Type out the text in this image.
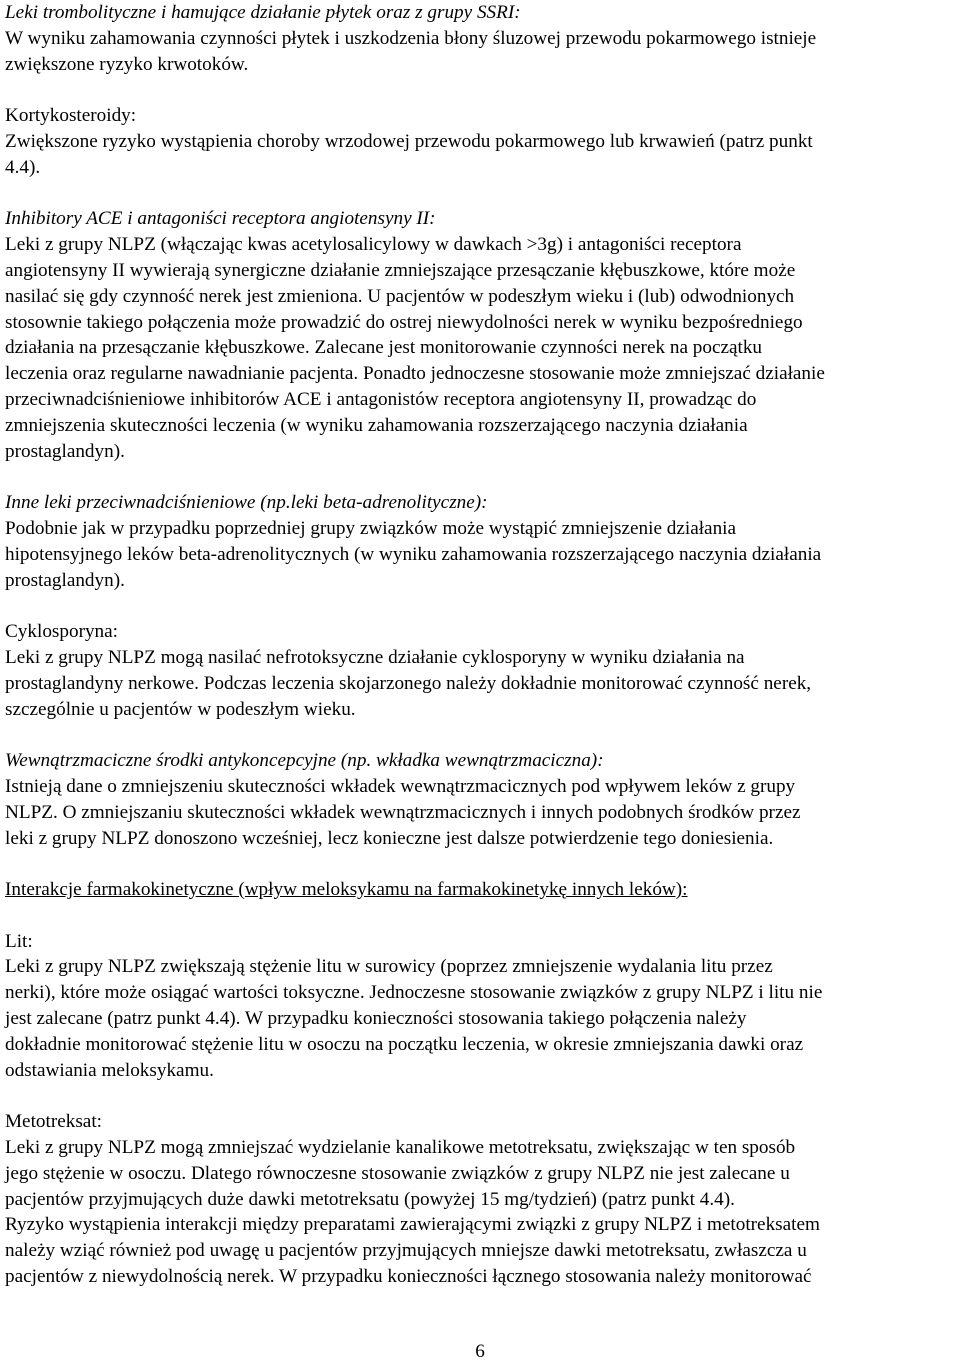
Leki trombolityczne i hamujące działanie płytek oraz z grupy SSRI:
W wyniku zahamowania czynności płytek i uszkodzenia błony śluzowej przewodu pokarmowego istnieje
zwiększone ryzyko krwotoków.
Kortykosteroidy:
Zwiększone ryzyko wystąpienia choroby wrzodowej przewodu pokarmowego lub krwawień (patrz punkt
4.4).
Inhibitory ACE i antagoniści receptora angiotensyny II:
Leki z grupy NLPZ (włączając kwas acetylosalicylowy w dawkach >3g) i antagoniści receptora
angiotensyny II wywierają synergiczne działanie zmniejszające przesączanie kłębuszkowe, które może
nasilać się gdy czynność nerek jest zmieniona. U pacjentów w podeszłym wieku i (lub) odwodnionych
stosownie takiego połączenia może prowadzić do ostrej niewydolności nerek w wyniku bezpośredniego
działania na przesączanie kłębuszkowe. Zalecane jest monitorowanie czynności nerek na początku
leczenia oraz regularne nawadnianie pacjenta. Ponadto jednoczesne stosowanie może zmniejszać działanie
przeciwnadciśnieniowe inhibitorów ACE i antagonistów receptora angiotensyny II, prowadząc do
zmniejszenia skuteczności leczenia (w wyniku zahamowania rozszerzającego naczynia działania
prostaglandyn).
Inne leki przeciwnadciśnieniowe (np.leki beta-adrenolityczne):
Podobnie jak w przypadku poprzedniej grupy związków może wystąpić zmniejszenie działania
hipotensyjnego leków beta-adrenolitycznych (w wyniku zahamowania rozszerzającego naczynia działania
prostaglandyn).
Cyklosporyna:
Leki z grupy NLPZ mogą nasilać nefrotoksyczne działanie cyklosporyny w wyniku działania na
prostaglandyny nerkowe. Podczas leczenia skojarzonego należy dokładnie monitorować czynność nerek,
szczególnie u pacjentów w podeszłym wieku.
Wewnątrzmaciczne środki antykoncepcyjne (np. wkładka wewnątrzmaciczna):
Istnieją dane o zmniejszeniu skuteczności wkładek wewnątrzmacicznych pod wpływem leków z grupy
NLPZ. O zmniejszaniu skuteczności wkładek wewnątrzmacicznych i innych podobnych środków przez
leki z grupy NLPZ donoszono wcześniej, lecz konieczne jest dalsze potwierdzenie tego doniesienia.
Interakcje farmakokinetyczne (wpływ meloksykamu na farmakokinetykę innych leków):
Lit:
Leki z grupy NLPZ zwiększają stężenie litu w surowicy (poprzez zmniejszenie wydalania litu przez
nerki), które może osiągać wartości toksyczne. Jednoczesne stosowanie związków z grupy NLPZ i litu nie
jest zalecane (patrz punkt 4.4). W przypadku konieczności stosowania takiego połączenia należy
dokładnie monitorować stężenie litu w osoczu na początku leczenia, w okresie zmniejszania dawki oraz
odstawiania meloksykamu.
Metotreksat:
Leki z grupy NLPZ mogą zmniejszać wydzielanie kanalikowe metotreksatu, zwiększając w ten sposób
jego stężenie w osoczu. Dlatego równoczesne stosowanie związków z grupy NLPZ nie jest zalecane u
pacjentów przyjmujących duże dawki metotreksatu (powyżej 15 mg/tydzień) (patrz punkt 4.4).
Ryzyko wystąpienia interakcji między preparatami zawierającymi związki z grupy NLPZ i metotreksatem
należy wziąć również pod uwagę u pacjentów przyjmujących mniejsze dawki metotreksatu, zwłaszcza u
pacjentów z niewydolnością nerek. W przypadku konieczności łącznego stosowania należy monitorować
6
